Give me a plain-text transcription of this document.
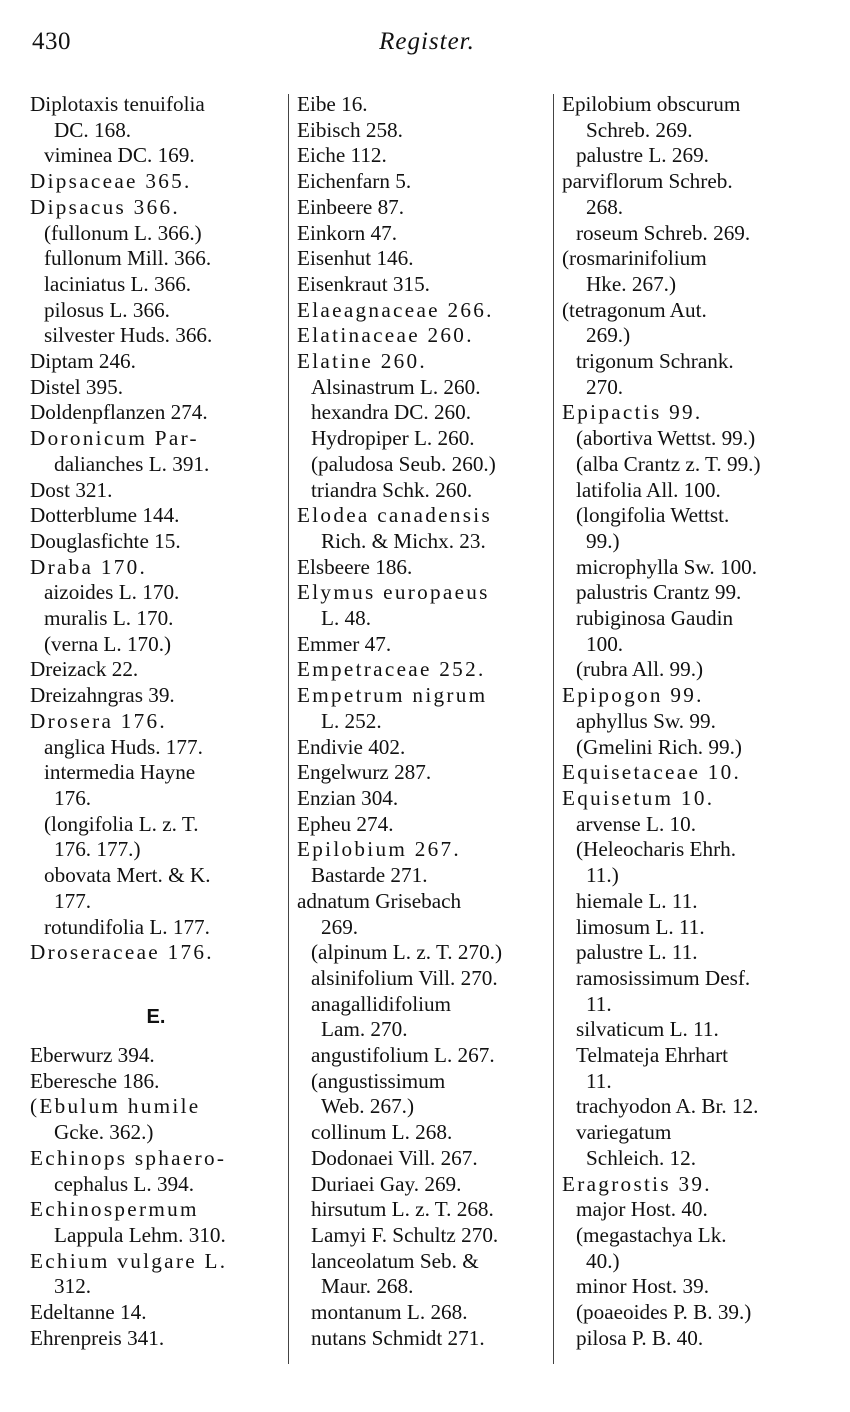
430	Register.
Diplotaxis tenuifolia
DC. 168.
viminea DC. 169.
Dipsaceae 365.
Dipsacus 366.
(fullonum L. 366.)
fullonum Mill. 366.
laciniatus L. 366.
pilosus L. 366.
silvester Huds. 366.
Diptam 246.
Distel 395.
Doldenpflanzen 274.
Doronicum Par-
dalianches L. 391.
Dost 321.
Dotterblume 144.
Douglasfichte 15.
Draba 170.
aizoides L. 170.
muralis L. 170.
(verna L. 170.)
Dreizack 22.
Dreizahngras 39.
Drosera 176.
anglica Huds. 177.
intermedia Hayne
176.
(longifolia L. z. T.
176. 177.)
obovata Mert. & K.
177.
rotundifolia L. 177.
Droseraceae 176.
E.
Eberwurz 394.
Eberesche 186.
(Ebulum humile
Gcke. 362.)
Echinops sphaero-
cephalus L. 394.
Echinospermum
Lappula Lehm. 310.
Echium vulgare L.
312.
Edeltanne 14.
Ehrenpreis 341.
Eibe 16.
Eibisch 258.
Eiche 112.
Eichenfarn 5.
Einbeere 87.
Einkorn 47.
Eisenhut 146.
Eisenkraut 315.
Elaeagnaceae 266.
Elatinaceae 260.
Elatine 260.
Alsinastrum L. 260.
hexandra DC. 260.
Hydropiper L. 260.
(paludosa Seub. 260.)
triandra Schk. 260.
Elodea canadensis
Rich. & Michx. 23.
Elsbeere 186.
Elymus europaeus
L. 48.
Emmer 47.
Empetraceae 252.
Empetrum nigrum
L. 252.
Endivie 402.
Engelwurz 287.
Enzian 304.
Epheu 274.
Epilobium 267.
Bastarde 271.
adnatum Grisebach
269.
(alpinum L. z. T. 270.)
alsinifolium Vill. 270.
anagallidifolium
Lam. 270.
angustifolium L. 267.
(angustissimum
Web. 267.)
collinum L. 268.
Dodonaei Vill. 267.
Duriaei Gay. 269.
hirsutum L. z. T. 268.
Lamyi F. Schultz 270.
lanceolatum Seb. &
Maur. 268.
montanum L. 268.
nutans Schmidt 271.
Epilobium obscurum
Schreb. 269.
palustre L. 269.
parviflorum Schreb.
268.
roseum Schreb. 269.
(rosmarinifolium
Hke. 267.)
(tetragonum Aut.
269.)
trigonum Schrank.
270.
Epipactis 99.
(abortiva Wettst. 99.)
(alba Crantz z. T. 99.)
latifolia All. 100.
(longifolia Wettst.
99.)
microphylla Sw. 100.
palustris Crantz 99.
rubiginosa Gaudin
100.
(rubra All. 99.)
Epipogon 99.
aphyllus Sw. 99.
(Gmelini Rich. 99.)
Equisetaceae 10.
Equisetum 10.
arvense L. 10.
(Heleocharis Ehrh.
11.)
hiemale L. 11.
limosum L. 11.
palustre L. 11.
ramosissimum Desf.
11.
silvaticum L. 11.
Telmateja Ehrhart
11.
trachyodon A. Br. 12.
variegatum
Schleich. 12.
Eragrostis 39.
major Host. 40.
(megastachya Lk.
40.)
minor Host. 39.
(poaeoides P. B. 39.)
pilosa P. B. 40.
